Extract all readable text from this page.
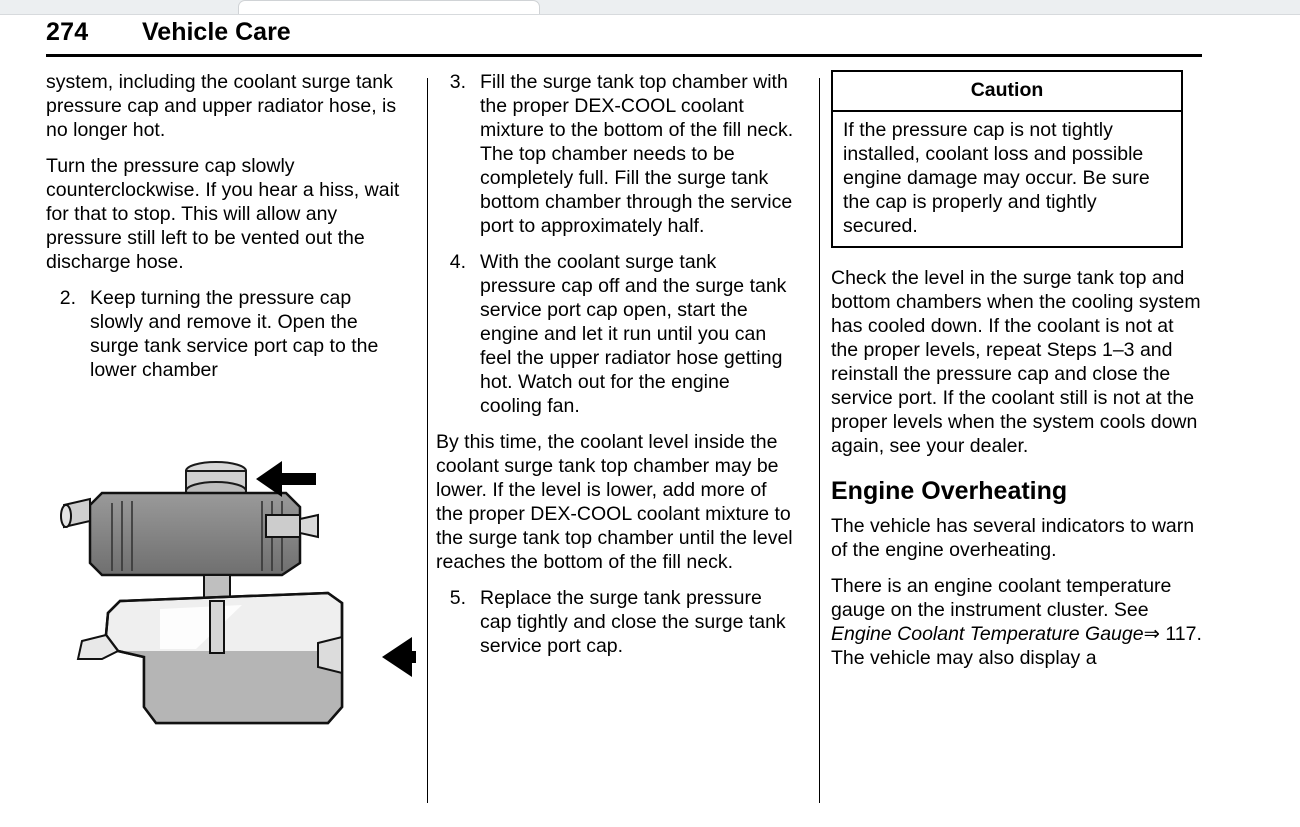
274 Vehicle Care

system, including the coolant surge tank pressure cap and upper radiator hose, is no longer hot.

Turn the pressure cap slowly counterclockwise. If you hear a hiss, wait for that to stop. This will allow any pressure still left to be vented out the discharge hose.

2. Keep turning the pressure cap slowly and remove it. Open the surge tank service port cap to the lower chamber
3. Fill the surge tank top chamber with the proper DEX-COOL coolant mixture to the bottom of the fill neck. The top chamber needs to be completely full. Fill the surge tank bottom chamber through the service port to approximately half.
4. With the coolant surge tank pressure cap off and the surge tank service port cap open, start the engine and let it run until you can feel the upper radiator hose getting hot. Watch out for the engine cooling fan.

By this time, the coolant level inside the coolant surge tank top chamber may be lower. If the level is lower, add more of the proper DEX-COOL coolant mixture to the surge tank top chamber until the level reaches the bottom of the fill neck.

5. Replace the surge tank pressure cap tightly and close the surge tank service port cap.
Caution
If the pressure cap is not tightly installed, coolant loss and possible engine damage may occur. Be sure the cap is properly and tightly secured.

Check the level in the surge tank top and bottom chambers when the cooling system has cooled down. If the coolant is not at the proper levels, repeat Steps 1–3 and reinstall the pressure cap and close the service port. If the coolant still is not at the proper levels when the system cools down again, see your dealer.

Engine Overheating

The vehicle has several indicators to warn of the engine overheating.

There is an engine coolant temperature gauge on the instrument cluster. See Engine Coolant Temperature Gauge⇒ 117. The vehicle may also display a
